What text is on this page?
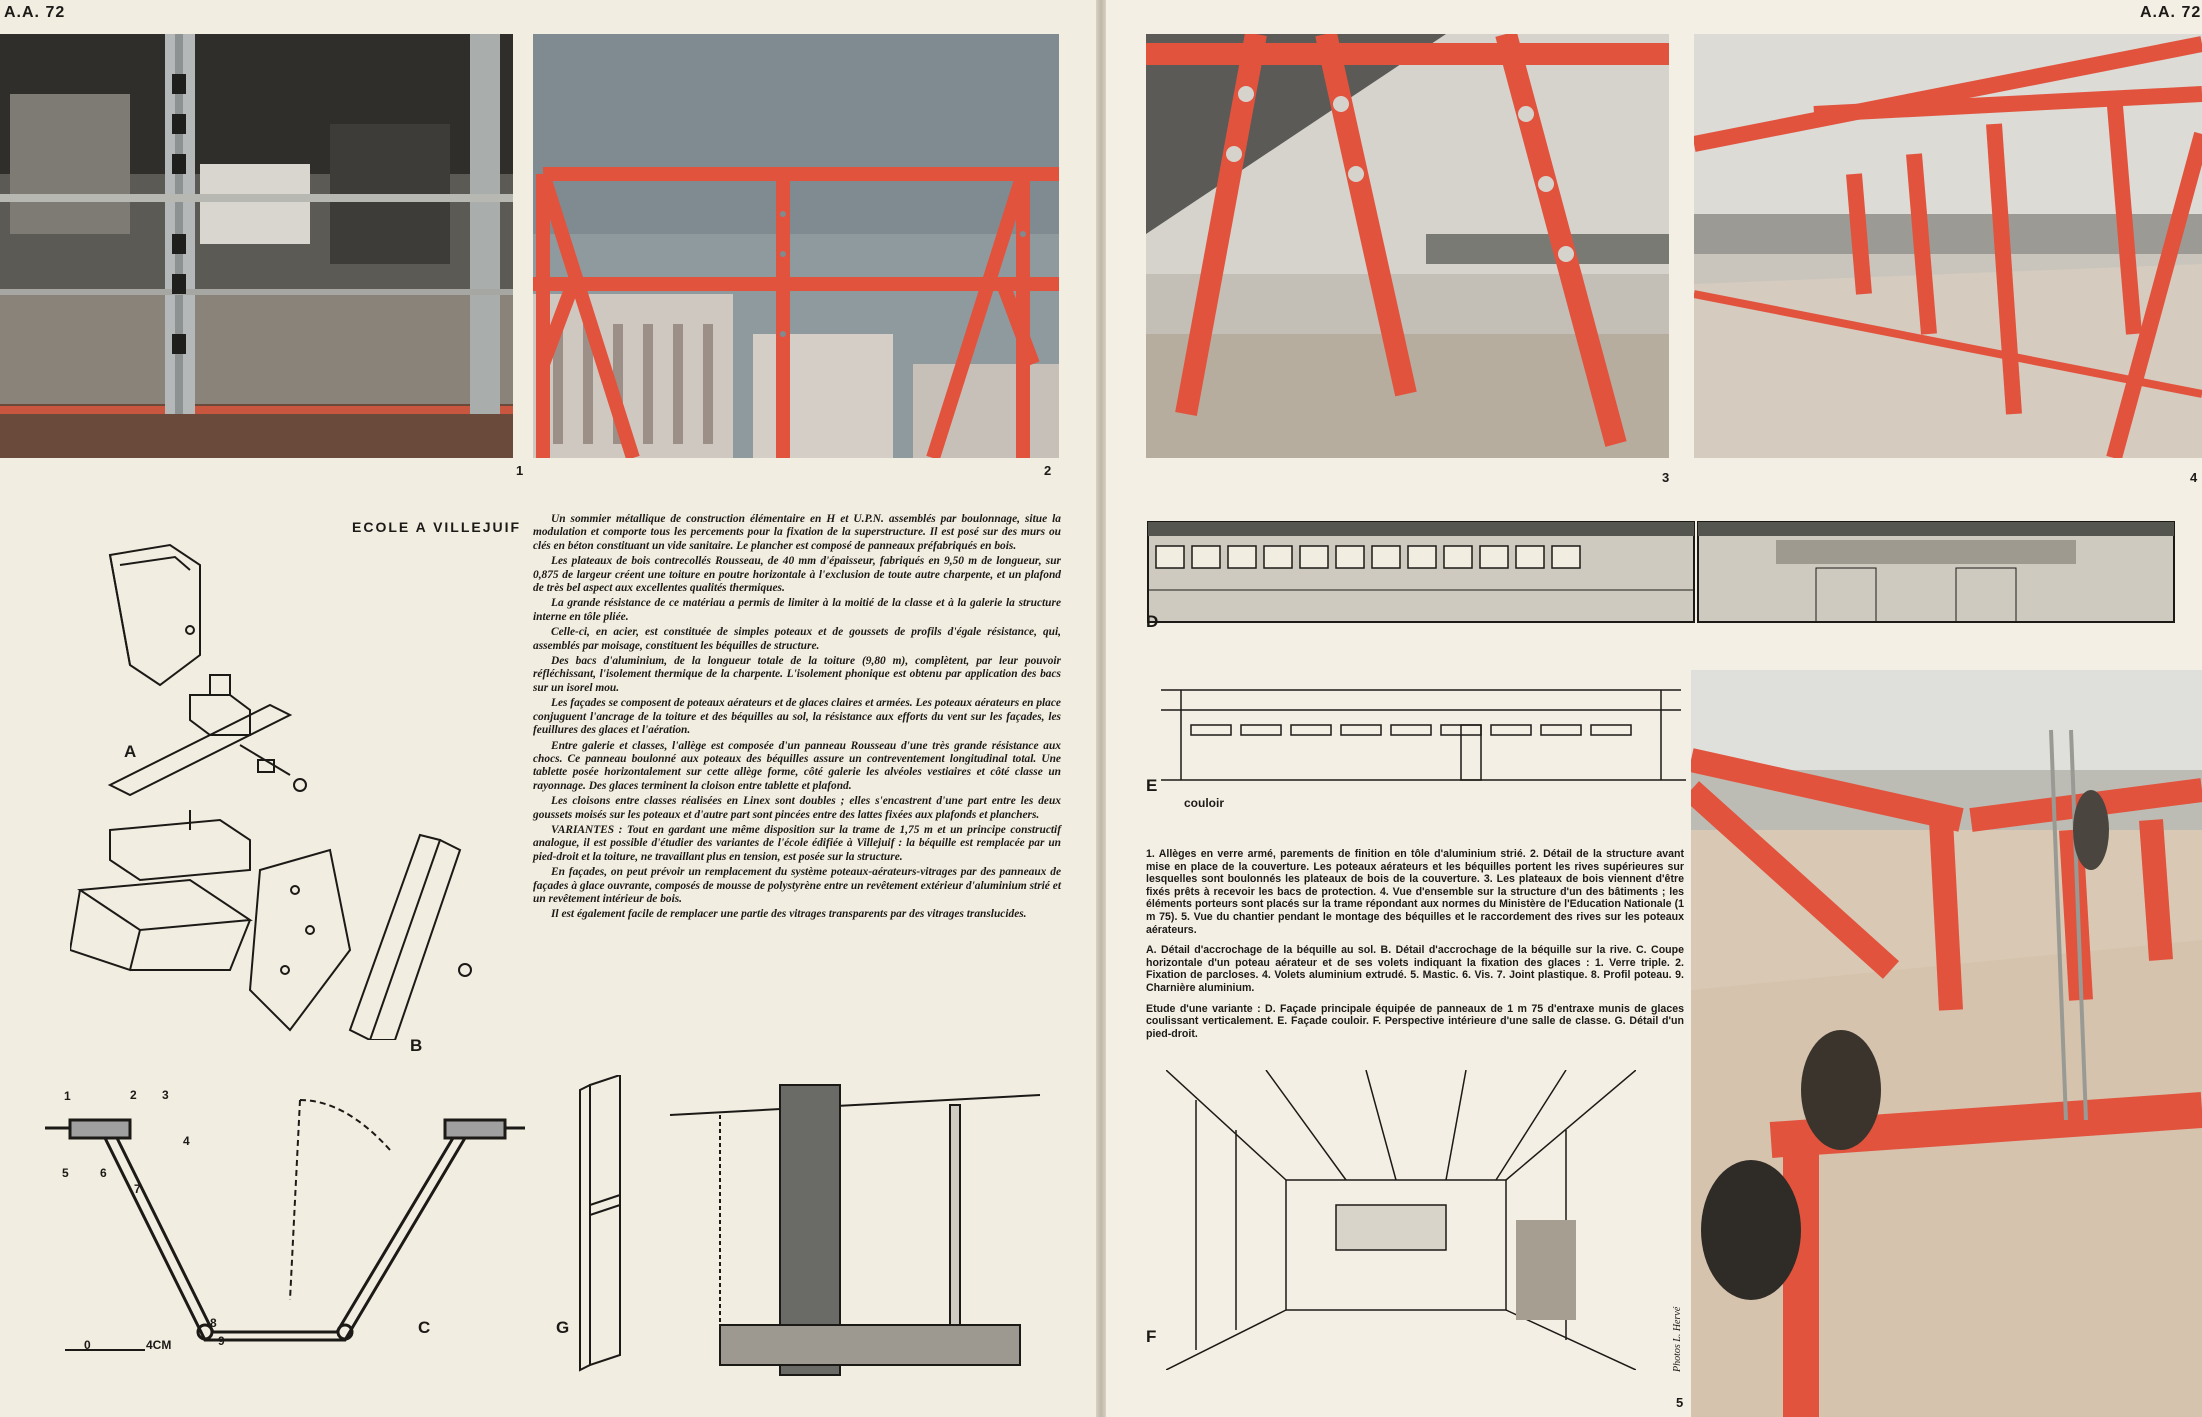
A.A. 72
1	2
ECOLE A VILLEJUIF	Un sommier métallique de construction élémentaire en H et U.P.N. assemblés par boulonnage, situe la modulation et comporte tous les percements pour la fixation de la superstructure. Il est posé sur des murs ou clés en béton constituant un vide sanitaire. Le plancher est composé de panneaux préfabriqués en bois.

Les plateaux de bois contrecollés Rousseau, de 40 mm d'épaisseur, fabriqués en 9,50 m de longueur, sur 0,875 de largeur créent une toiture en poutre horizontale à l'exclusion de toute autre charpente, et un plafond de très bel aspect aux excellentes qualités thermiques.

La grande résistance de ce matériau a permis de limiter à la moitié de la classe et à la galerie la structure interne en tôle pliée.

Celle-ci, en acier, est constituée de simples poteaux et de goussets de profils d'égale résistance, qui, assemblés par moisage, constituent les béquilles de structure.

Des bacs d'aluminium, de la longueur totale de la toiture (9,80 m), complètent, par leur pouvoir réfléchissant, l'isolement thermique de la charpente. L'isolement phonique est obtenu par application des bacs sur un isorel mou.

Les façades se composent de poteaux aérateurs et de glaces claires et armées. Les poteaux aérateurs en place conjuguent l'ancrage de la toiture et des béquilles au sol, la résistance aux efforts du vent sur les façades, les feuillures des glaces et l'aération.

Entre galerie et classes, l'allège est composée d'un panneau Rousseau d'une très grande résistance aux chocs. Ce panneau boulonné aux poteaux des béquilles assure un contreventement longitudinal total. Une tablette posée horizontalement sur cette allège forme, côté galerie les alvéoles vestiaires et côté classe un rayonnage. Des glaces terminent la cloison entre tablette et plafond.

Les cloisons entre classes réalisées en Linex sont doubles ; elles s'encastrent d'une part entre les deux goussets moisés sur les poteaux et d'autre part sont pincées entre des lattes fixées aux plafonds et planchers.

VARIANTES : Tout en gardant une même disposition sur la trame de 1,75 m et un principe constructif analogue, il est possible d'étudier des variantes de l'école édifiée à Villejuif : la béquille est remplacée par un pied-droit et la toiture, ne travaillant plus en tension, est posée sur la structure.

En façades, on peut prévoir un remplacement du système poteaux-aérateurs-vitrages par des panneaux de façades à glace ouvrante, composés de mousse de polystyrène entre un revêtement extérieur d'aluminium strié et un revêtement intérieur de bois.

Il est également facile de remplacer une partie des vitrages transparents par des vitrages translucides.

A
B
1	2 3
4
5	6
7
8
9
C
0	4CM
G
A.A. 72
3	4
D
E
couloir

1. Allèges en verre armé, parements de finition en tôle d'aluminium strié. 2. Détail de la structure avant mise en place de la couverture. Les poteaux aérateurs et les béquilles portent les rives supérieures sur lesquelles sont boulonnés les plateaux de bois de la couverture. 3. Les plateaux de bois viennent d'être fixés prêts à recevoir les bacs de protection. 4. Vue d'ensemble sur la structure d'un des bâtiments ; les éléments porteurs sont placés sur la trame répondant aux normes du Ministère de l'Education Nationale (1 m 75). 5. Vue du chantier pendant le montage des béquilles et le raccordement des rives sur les poteaux aérateurs.

A. Détail d'accrochage de la béquille au sol. B. Détail d'accrochage de la béquille sur la rive. C. Coupe horizontale d'un poteau aérateur et de ses volets indiquant la fixation des glaces : 1. Verre triple. 2. Fixation de parcloses. 4. Volets aluminium extrudé. 5. Mastic. 6. Vis. 7. Joint plastique. 8. Profil poteau. 9. Charnière aluminium.

Etude d'une variante : D. Façade principale équipée de panneaux de 1 m 75 d'entraxe munis de glaces coulissant verticalement. E. Façade couloir. F. Perspective intérieure d'une salle de classe. G. Détail d'un pied-droit.

F
5
Photos L. Hervé
